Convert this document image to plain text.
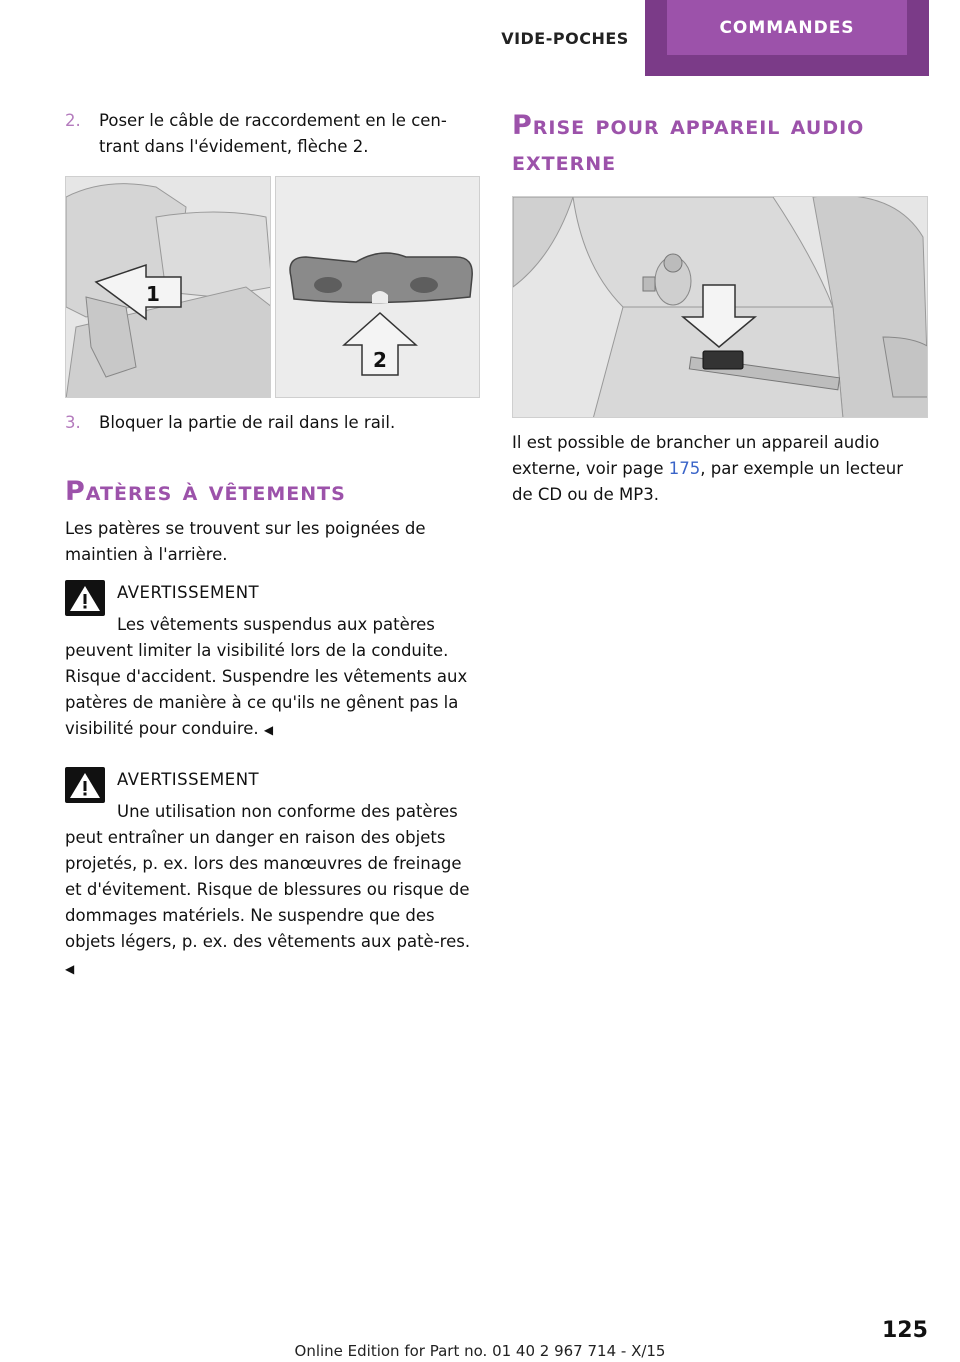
VIDE-POCHES
COMMANDES
2. Poser le câble de raccordement en le cen‐trant dans l'évidement, flèche 2.
1
2
3. Bloquer la partie de rail dans le rail.
Patères à vêtements
Les patères se trouvent sur les poignées de maintien à l'arrière.
AVERTISSEMENT
Les vêtements suspendus aux patères
peuvent limiter la visibilité lors de la conduite. Risque d'accident. Suspendre les vêtements aux patères de manière à ce qu'ils ne gênent pas la visibilité pour conduire. ◀
AVERTISSEMENT
Une utilisation non conforme des patères
peut entraîner un danger en raison des objets projetés, p. ex. lors des manœuvres de freinage et d'évitement. Risque de blessures ou risque de dommages matériels. Ne suspendre que des objets légers, p. ex. des vêtements aux patè‐res. ◀
Prise pour appareil audio externe
Il est possible de brancher un appareil audio externe, voir page 175, par exemple un lecteur de CD ou de MP3.
125
Online Edition for Part no. 01 40 2 967 714 - X/15
